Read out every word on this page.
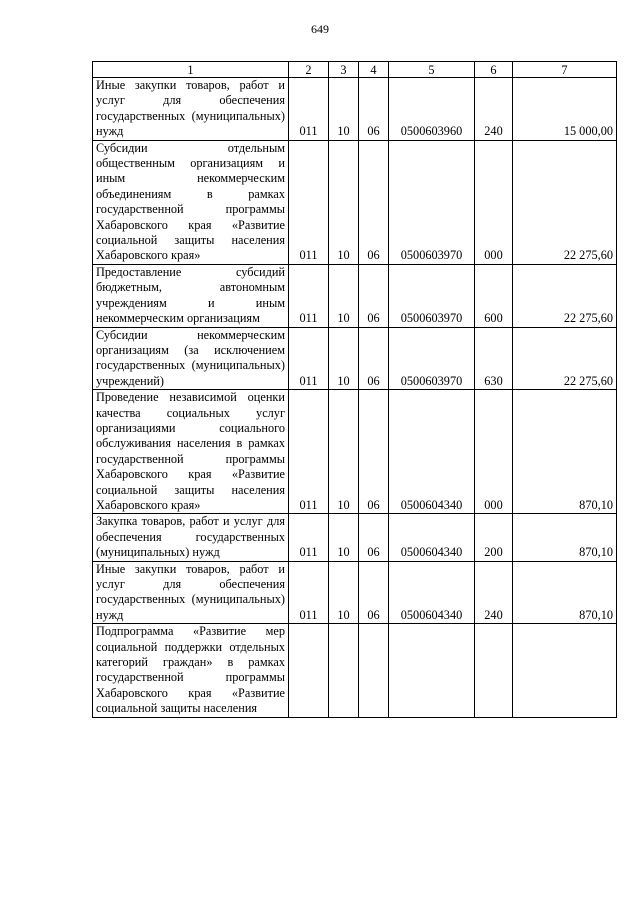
649
1	2	3	4	5	6	7
Иные закупки товаров, работ и услуг для обеспечения государственных (муниципальных) нужд	011	10	06	0500603960	240	15 000,00
Субсидии отдельным общественным организациям и иным некоммерческим объединениям в рамках государственной программы Хабаровского края «Развитие социальной защиты населения Хабаровского края»	011	10	06	0500603970	000	22 275,60
Предоставление субсидий бюджетным, автономным учреждениям и иным некоммерческим организациям	011	10	06	0500603970	600	22 275,60
Субсидии некоммерческим организациям (за исключением государственных (муниципальных) учреждений)	011	10	06	0500603970	630	22 275,60
Проведение независимой оценки качества социальных услуг организациями социального обслуживания населения в рамках государственной программы Хабаровского края «Развитие социальной защиты населения Хабаровского края»	011	10	06	0500604340	000	870,10
Закупка товаров, работ и услуг для обеспечения государственных (муниципальных) нужд	011	10	06	0500604340	200	870,10
Иные закупки товаров, работ и услуг для обеспечения государственных (муниципальных) нужд	011	10	06	0500604340	240	870,10
Подпрограмма «Развитие мер социальной поддержки отдельных категорий граждан» в рамках государственной программы Хабаровского края «Развитие социальной защиты населения						
